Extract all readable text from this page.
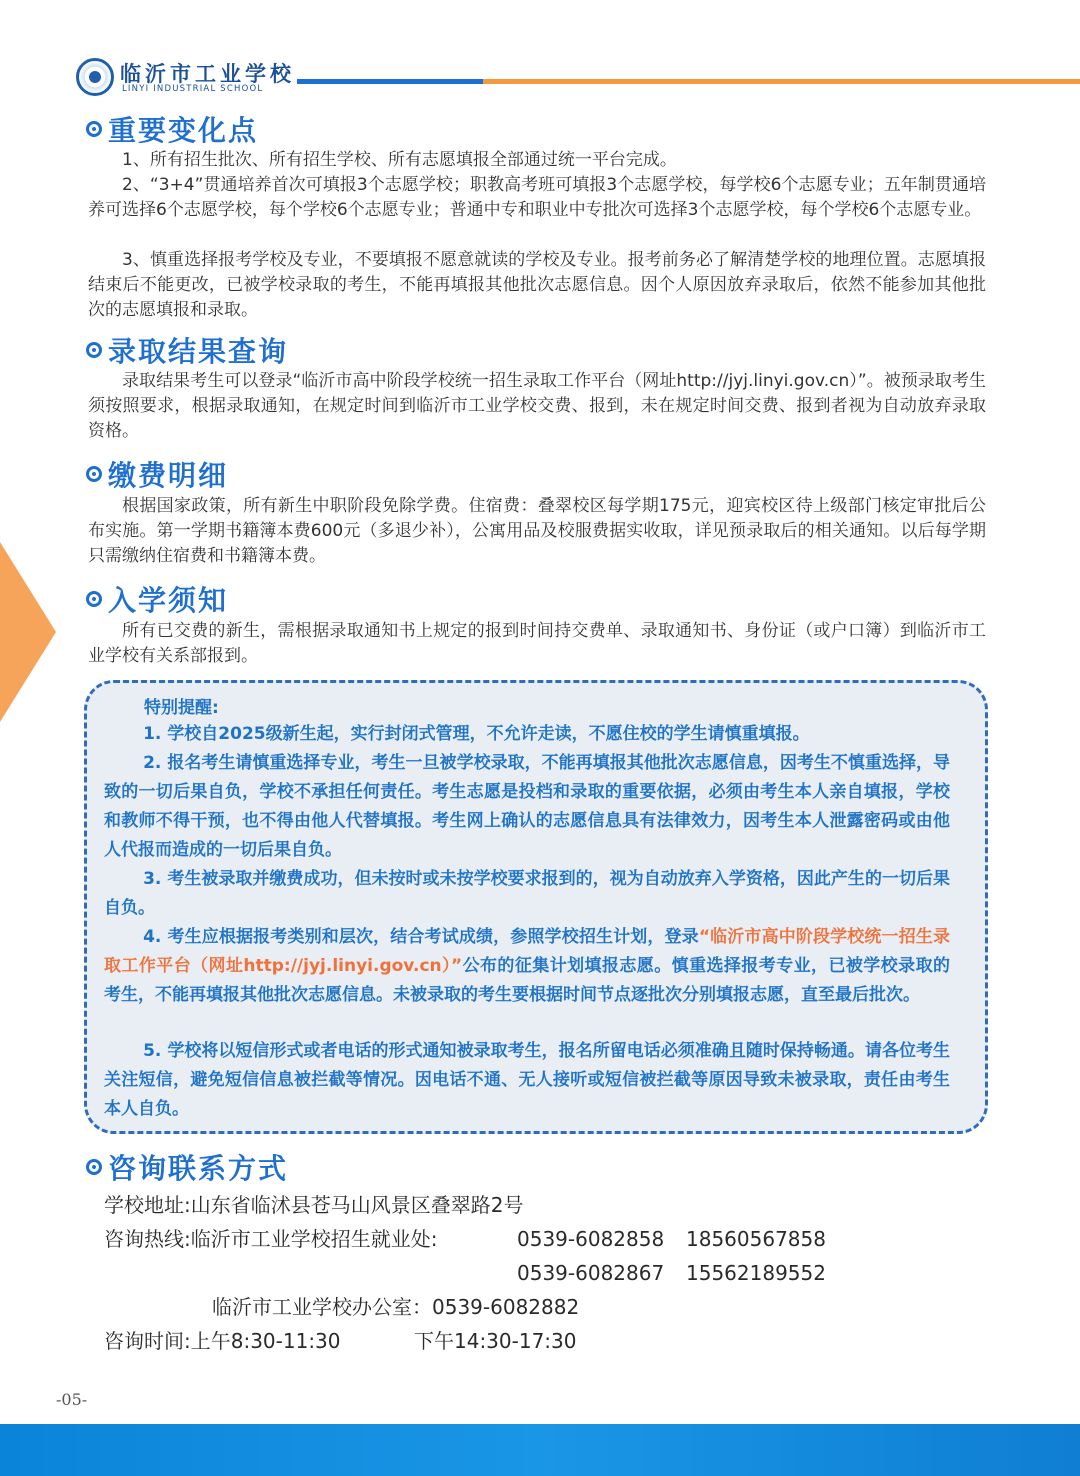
临沂市工业学校
LINYI INDUSTRIAL SCHOOL
重要变化点

1、所有招生批次、所有招生学校、所有志愿填报全部通过统一平台完成。

2、“3+4”贯通培养首次可填报3个志愿学校；职教高考班可填报3个志愿学校，每学校6个志愿专业；五年制贯通培养可选择6个志愿学校，每个学校6个志愿专业；普通中专和职业中专批次可选择3个志愿学校，每个学校6个志愿专业。

3、慎重选择报考学校及专业，不要填报不愿意就读的学校及专业。报考前务必了解清楚学校的地理位置。志愿填报结束后不能更改，已被学校录取的考生，不能再填报其他批次志愿信息。因个人原因放弃录取后，依然不能参加其他批次的志愿填报和录取。

录取结果查询

录取结果考生可以登录“临沂市高中阶段学校统一招生录取工作平台（网址http://jyj.linyi.gov.cn）”。被预录取考生须按照要求，根据录取通知，在规定时间到临沂市工业学校交费、报到，未在规定时间交费、报到者视为自动放弃录取资格。

缴费明细

根据国家政策，所有新生中职阶段免除学费。住宿费：叠翠校区每学期175元，迎宾校区待上级部门核定审批后公布实施。第一学期书籍簿本费600元（多退少补），公寓用品及校服费据实收取，详见预录取后的相关通知。以后每学期只需缴纳住宿费和书籍簿本费。

入学须知

所有已交费的新生，需根据录取通知书上规定的报到时间持交费单、录取通知书、身份证（或户口簿）到临沂市工业学校有关系部报到。

特别提醒:

1. 学校自2025级新生起，实行封闭式管理，不允许走读，不愿住校的学生请慎重填报。

2. 报名考生请慎重选择专业，考生一旦被学校录取，不能再填报其他批次志愿信息，因考生不慎重选择，导致的一切后果自负，学校不承担任何责任。考生志愿是投档和录取的重要依据，必须由考生本人亲自填报，学校和教师不得干预，也不得由他人代替填报。考生网上确认的志愿信息具有法律效力，因考生本人泄露密码或由他人代报而造成的一切后果自负。

3. 考生被录取并缴费成功，但未按时或未按学校要求报到的，视为自动放弃入学资格，因此产生的一切后果自负。

4. 考生应根据报考类别和层次，结合考试成绩，参照学校招生计划，登录“临沂市高中阶段学校统一招生录取工作平台（网址http://jyj.linyi.gov.cn）”公布的征集计划填报志愿。慎重选择报考专业，已被学校录取的考生，不能再填报其他批次志愿信息。未被录取的考生要根据时间节点逐批次分别填报志愿，直至最后批次。

5. 学校将以短信形式或者电话的形式通知被录取考生，报名所留电话必须准确且随时保持畅通。请各位考生关注短信，避免短信信息被拦截等情况。因电话不通、无人接听或短信被拦截等原因导致未被录取，责任由考生本人自负。

咨询联系方式
学校地址:山东省临沭县苍马山风景区叠翠路2号
咨询热线:临沂市工业学校招生就业处:	0539-6082858 18560567858
0539-6082867 15562189552
临沂市工业学校办公室：0539-6082882
咨询时间:上午8:30-11:30	下午14:30-17:30
-05-
